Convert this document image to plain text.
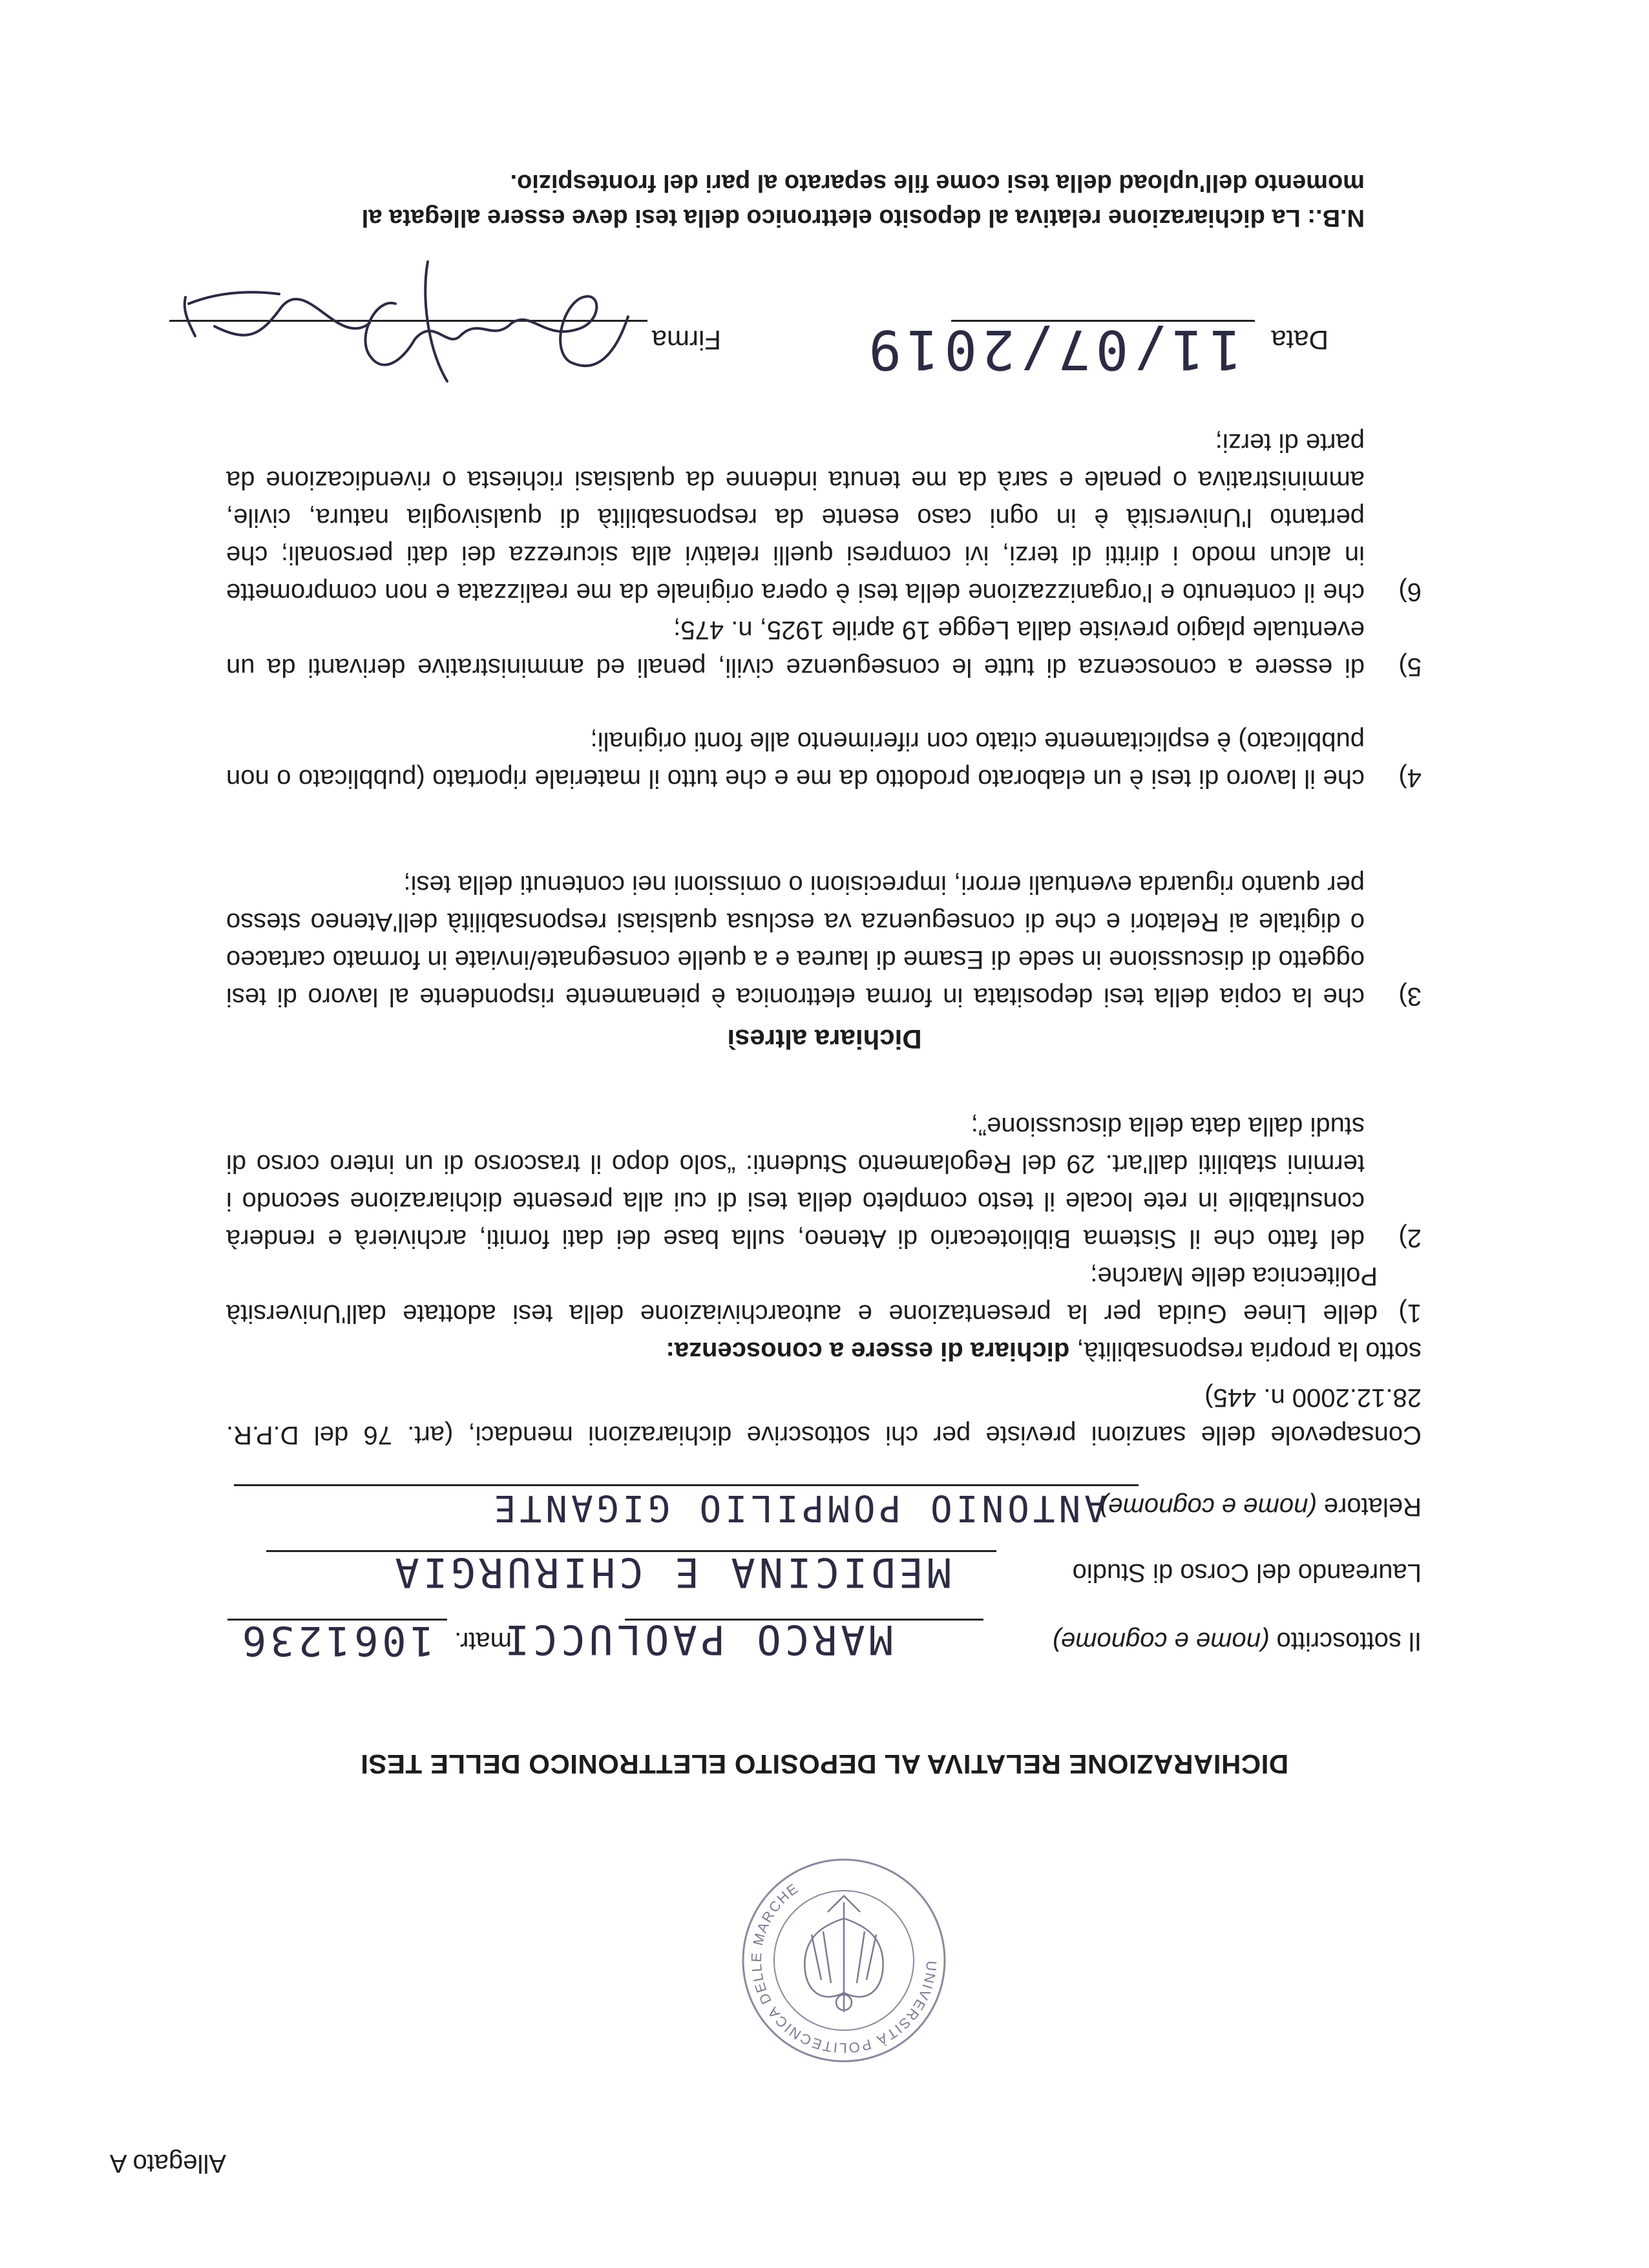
Allegato A
UNIVERSITÀ POLITECNICA DELLE MARCHE
DICHIARAZIONE RELATIVA AL DEPOSITO ELETTRONICO DELLE TESI
Il sottoscritto (nome e cognome)
MARCO PAOLUCCI
matr.
1061236
Laureando del Corso di Studio
MEDICINA E CHIRURGIA
Relatore (nome e cognome)
ANTONIO POMPILIO GIGANTE
Consapevole delle sanzioni previste per chi sottoscrive dichiarazioni mendaci, (art. 76 del D.P.R. 28.12.2000 n. 445)
sotto la propria responsabilità, dichiara di essere a conoscenza:
1)
delle Linee Guida per la presentazione e autoarchiviazione della tesi adottate dall'Università Politecnica delle Marche;
2)
del fatto che il Sistema Bibliotecario di Ateneo, sulla base dei dati forniti, archivierà e renderà consultabile in rete locale il testo completo della tesi di cui alla presente dichiarazione secondo i termini stabiliti dall'art. 29 del Regolamento Studenti: “solo dopo il trascorso di un intero corso di studi dalla data della discussione”;
Dichiara altresì
3)
che la copia della tesi depositata in forma elettronica è pienamente rispondente al lavoro di tesi oggetto di discussione in sede di Esame di laurea e a quelle consegnate/inviate in formato cartaceo o digitale ai Relatori e che di conseguenza va esclusa qualsiasi responsabilità dell'Ateneo stesso per quanto riguarda eventuali errori, imprecisioni o omissioni nei contenuti della tesi;
4)
che il lavoro di tesi è un elaborato prodotto da me e che tutto il materiale riportato (pubblicato o non pubblicato) è esplicitamente citato con riferimento alle fonti originali;
5)
di essere a conoscenza di tutte le conseguenze civili, penali ed amministrative derivanti da un eventuale plagio previste dalla Legge 19 aprile 1925, n. 475;
6)
che il contenuto e l'organizzazione della tesi è opera originale da me realizzata e non compromette in alcun modo i diritti di terzi, ivi compresi quelli relativi alla sicurezza dei dati personali; che pertanto l'Università è in ogni caso esente da responsabilità di qualsivoglia natura, civile, amministrativa o penale e sarà da me tenuta indenne da qualsiasi richiesta o rivendicazione da parte di terzi;
Data
11/07/2019
Firma
N.B.: La dichiarazione relativa al deposito elettronico della tesi deve essere allegata al momento dell'upload della tesi come file separato al pari del frontespizio.
